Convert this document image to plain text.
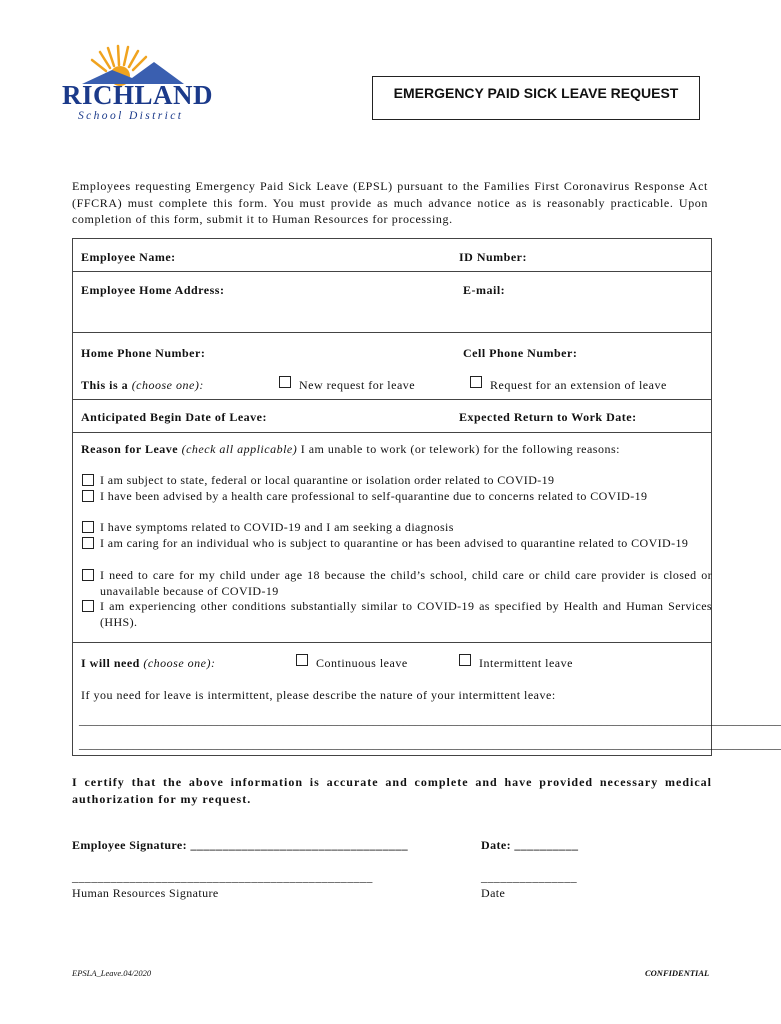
RICHLAND
School District
EMERGENCY PAID SICK LEAVE REQUEST
Employees requesting Emergency Paid Sick Leave (EPSL) pursuant to the Families First Coronavirus Response Act (FFCRA) must complete this form. You must provide as much advance notice as is reasonably practicable. Upon completion of this form, submit it to Human Resources for processing.
Employee Name:	ID Number:
Employee Home Address:	E-mail:
Home Phone Number:	Cell Phone Number:
This is a (choose one):	New request for leave	Request for an extension of leave
Anticipated Begin Date of Leave:	Expected Return to Work Date:
Reason for Leave (check all applicable) I am unable to work (or telework) for the following reasons:
I am subject to state, federal or local quarantine or isolation order related to COVID-19
I have been advised by a health care professional to self-quarantine due to concerns related to COVID-19
I have symptoms related to COVID-19 and I am seeking a diagnosis
I am caring for an individual who is subject to quarantine or has been advised to quarantine related to COVID-19
I need to care for my child under age 18 because the child’s school, child care or child care provider is closed or unavailable because of COVID-19
I am experiencing other conditions substantially similar to COVID-19 as specified by Health and Human Services (HHS).
I will need (choose one):	Continuous leave	Intermittent leave
If you need for leave is intermittent, please describe the nature of your intermittent leave:
_____________________________________________________________________________________________________________________
_____________________________________________________________________________________________________________________
I certify that the above information is accurate and complete and have provided necessary medical authorization for my request.
Employee Signature: __________________________________	Date: __________
_______________________________________________
Human Resources Signature
_______________
Date
EPSLA_Leave.04/2020	CONFIDENTIAL
